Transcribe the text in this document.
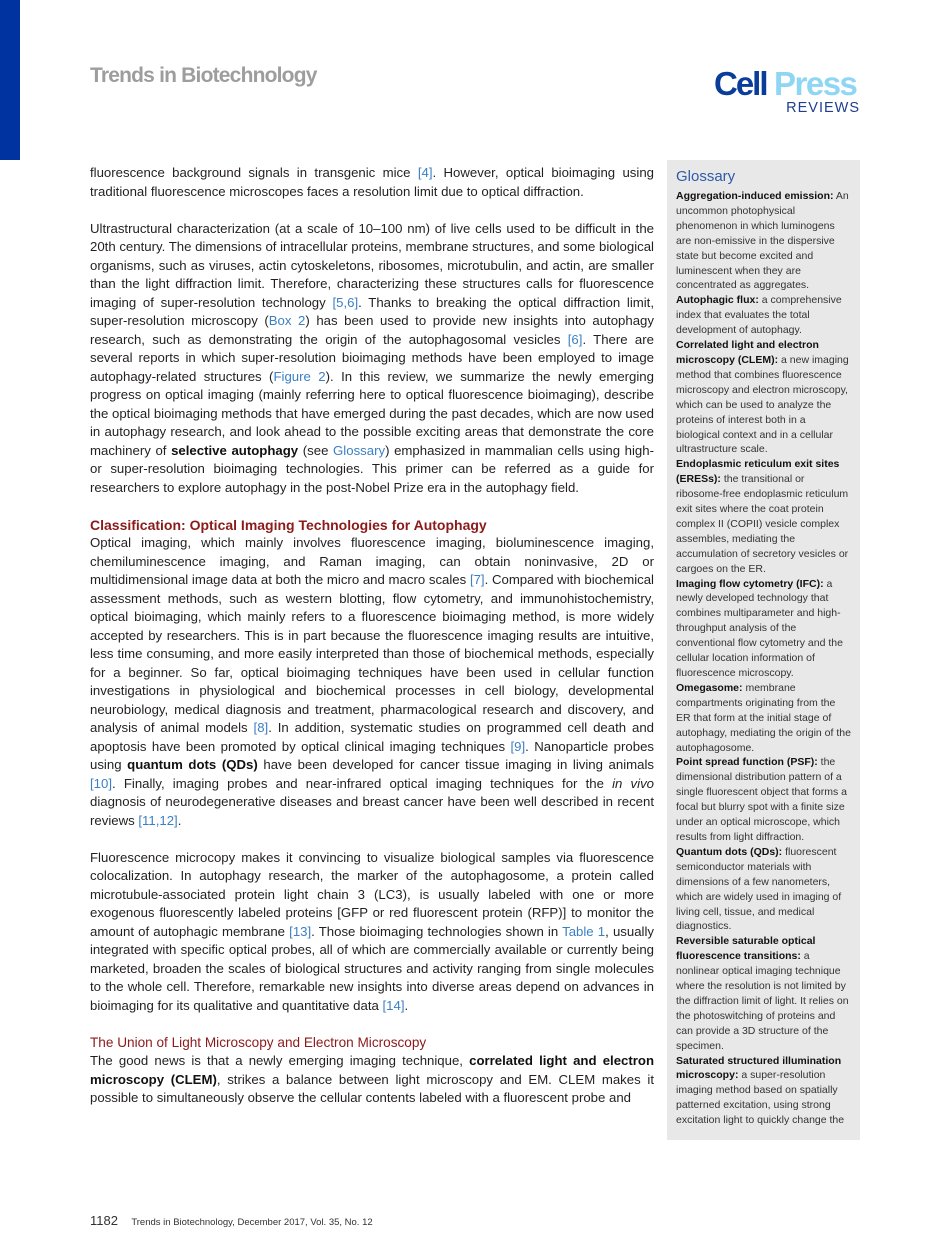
Trends in Biotechnology	Cell Press
REVIEWS

fluorescence background signals in transgenic mice [4]. However, optical bioimaging using traditional fluorescence microscopes faces a resolution limit due to optical diffraction.

Ultrastructural characterization (at a scale of 10–100 nm) of live cells used to be difficult in the 20th century. The dimensions of intracellular proteins, membrane structures, and some biological organisms, such as viruses, actin cytoskeletons, ribosomes, microtubulin, and actin, are smaller than the light diffraction limit. Therefore, characterizing these structures calls for fluorescence imaging of super-resolution technology [5,6]. Thanks to breaking the optical diffraction limit, super-resolution microscopy (Box 2) has been used to provide new insights into autophagy research, such as demonstrating the origin of the autophagosomal vesicles [6]. There are several reports in which super-resolution bioimaging methods have been employed to image autophagy-related structures (Figure 2). In this review, we summarize the newly emerging progress on optical imaging (mainly referring here to optical fluorescence bioimaging), describe the optical bioimaging methods that have emerged during the past decades, which are now used in autophagy research, and look ahead to the possible exciting areas that demonstrate the core machinery of selective autophagy (see Glossary) emphasized in mammalian cells using high- or super-resolution bioimaging technologies. This primer can be referred as a guide for researchers to explore autophagy in the post-Nobel Prize era in the autophagy field.

Classification: Optical Imaging Technologies for Autophagy

Optical imaging, which mainly involves fluorescence imaging, bioluminescence imaging, chemiluminescence imaging, and Raman imaging, can obtain noninvasive, 2D or multidimensional image data at both the micro and macro scales [7]. Compared with biochemical assessment methods, such as western blotting, flow cytometry, and immunohistochemistry, optical bioimaging, which mainly refers to a fluorescence bioimaging method, is more widely accepted by researchers. This is in part because the fluorescence imaging results are intuitive, less time consuming, and more easily interpreted than those of biochemical methods, especially for a beginner. So far, optical bioimaging techniques have been used in cellular function investigations in physiological and biochemical processes in cell biology, developmental neurobiology, medical diagnosis and treatment, pharmacological research and discovery, and analysis of animal models [8]. In addition, systematic studies on programmed cell death and apoptosis have been promoted by optical clinical imaging techniques [9]. Nanoparticle probes using quantum dots (QDs) have been developed for cancer tissue imaging in living animals [10]. Finally, imaging probes and near-infrared optical imaging techniques for the in vivo diagnosis of neurodegenerative diseases and breast cancer have been well described in recent reviews [11,12].

Fluorescence microcopy makes it convincing to visualize biological samples via fluorescence colocalization. In autophagy research, the marker of the autophagosome, a protein called microtubule-associated protein light chain 3 (LC3), is usually labeled with one or more exogenous fluorescently labeled proteins [GFP or red fluorescent protein (RFP)] to monitor the amount of autophagic membrane [13]. Those bioimaging technologies shown in Table 1, usually integrated with specific optical probes, all of which are commercially available or currently being marketed, broaden the scales of biological structures and activity ranging from single molecules to the whole cell. Therefore, remarkable new insights into diverse areas depend on advances in bioimaging for its qualitative and quantitative data [14].

The Union of Light Microscopy and Electron Microscopy

The good news is that a newly emerging imaging technique, correlated light and electron microscopy (CLEM), strikes a balance between light microscopy and EM. CLEM makes it possible to simultaneously observe the cellular contents labeled with a fluorescent probe and

Glossary
Aggregation-induced emission: An uncommon photophysical phenomenon in which luminogens are non-emissive in the dispersive state but become excited and luminescent when they are concentrated as aggregates.
Autophagic flux: a comprehensive index that evaluates the total development of autophagy.
Correlated light and electron microscopy (CLEM): a new imaging method that combines fluorescence microscopy and electron microscopy, which can be used to analyze the proteins of interest both in a biological context and in a cellular ultrastructure scale.
Endoplasmic reticulum exit sites (ERESs): the transitional or ribosome-free endoplasmic reticulum exit sites where the coat protein complex II (COPII) vesicle complex assembles, mediating the accumulation of secretory vesicles or cargoes on the ER.
Imaging flow cytometry (IFC): a newly developed technology that combines multiparameter and high-throughput analysis of the conventional flow cytometry and the cellular location information of fluorescence microscopy.
Omegasome: membrane compartments originating from the ER that form at the initial stage of autophagy, mediating the origin of the autophagosome.
Point spread function (PSF): the dimensional distribution pattern of a single fluorescent object that forms a focal but blurry spot with a finite size under an optical microscope, which results from light diffraction.
Quantum dots (QDs): fluorescent semiconductor materials with dimensions of a few nanometers, which are widely used in imaging of living cell, tissue, and medical diagnostics.
Reversible saturable optical fluorescence transitions: a nonlinear optical imaging technique where the resolution is not limited by the diffraction limit of light. It relies on the photoswitching of proteins and can provide a 3D structure of the specimen.
Saturated structured illumination microscopy: a super-resolution imaging method based on spatially patterned excitation, using strong excitation light to quickly change the
1182 Trends in Biotechnology, December 2017, Vol. 35, No. 12
